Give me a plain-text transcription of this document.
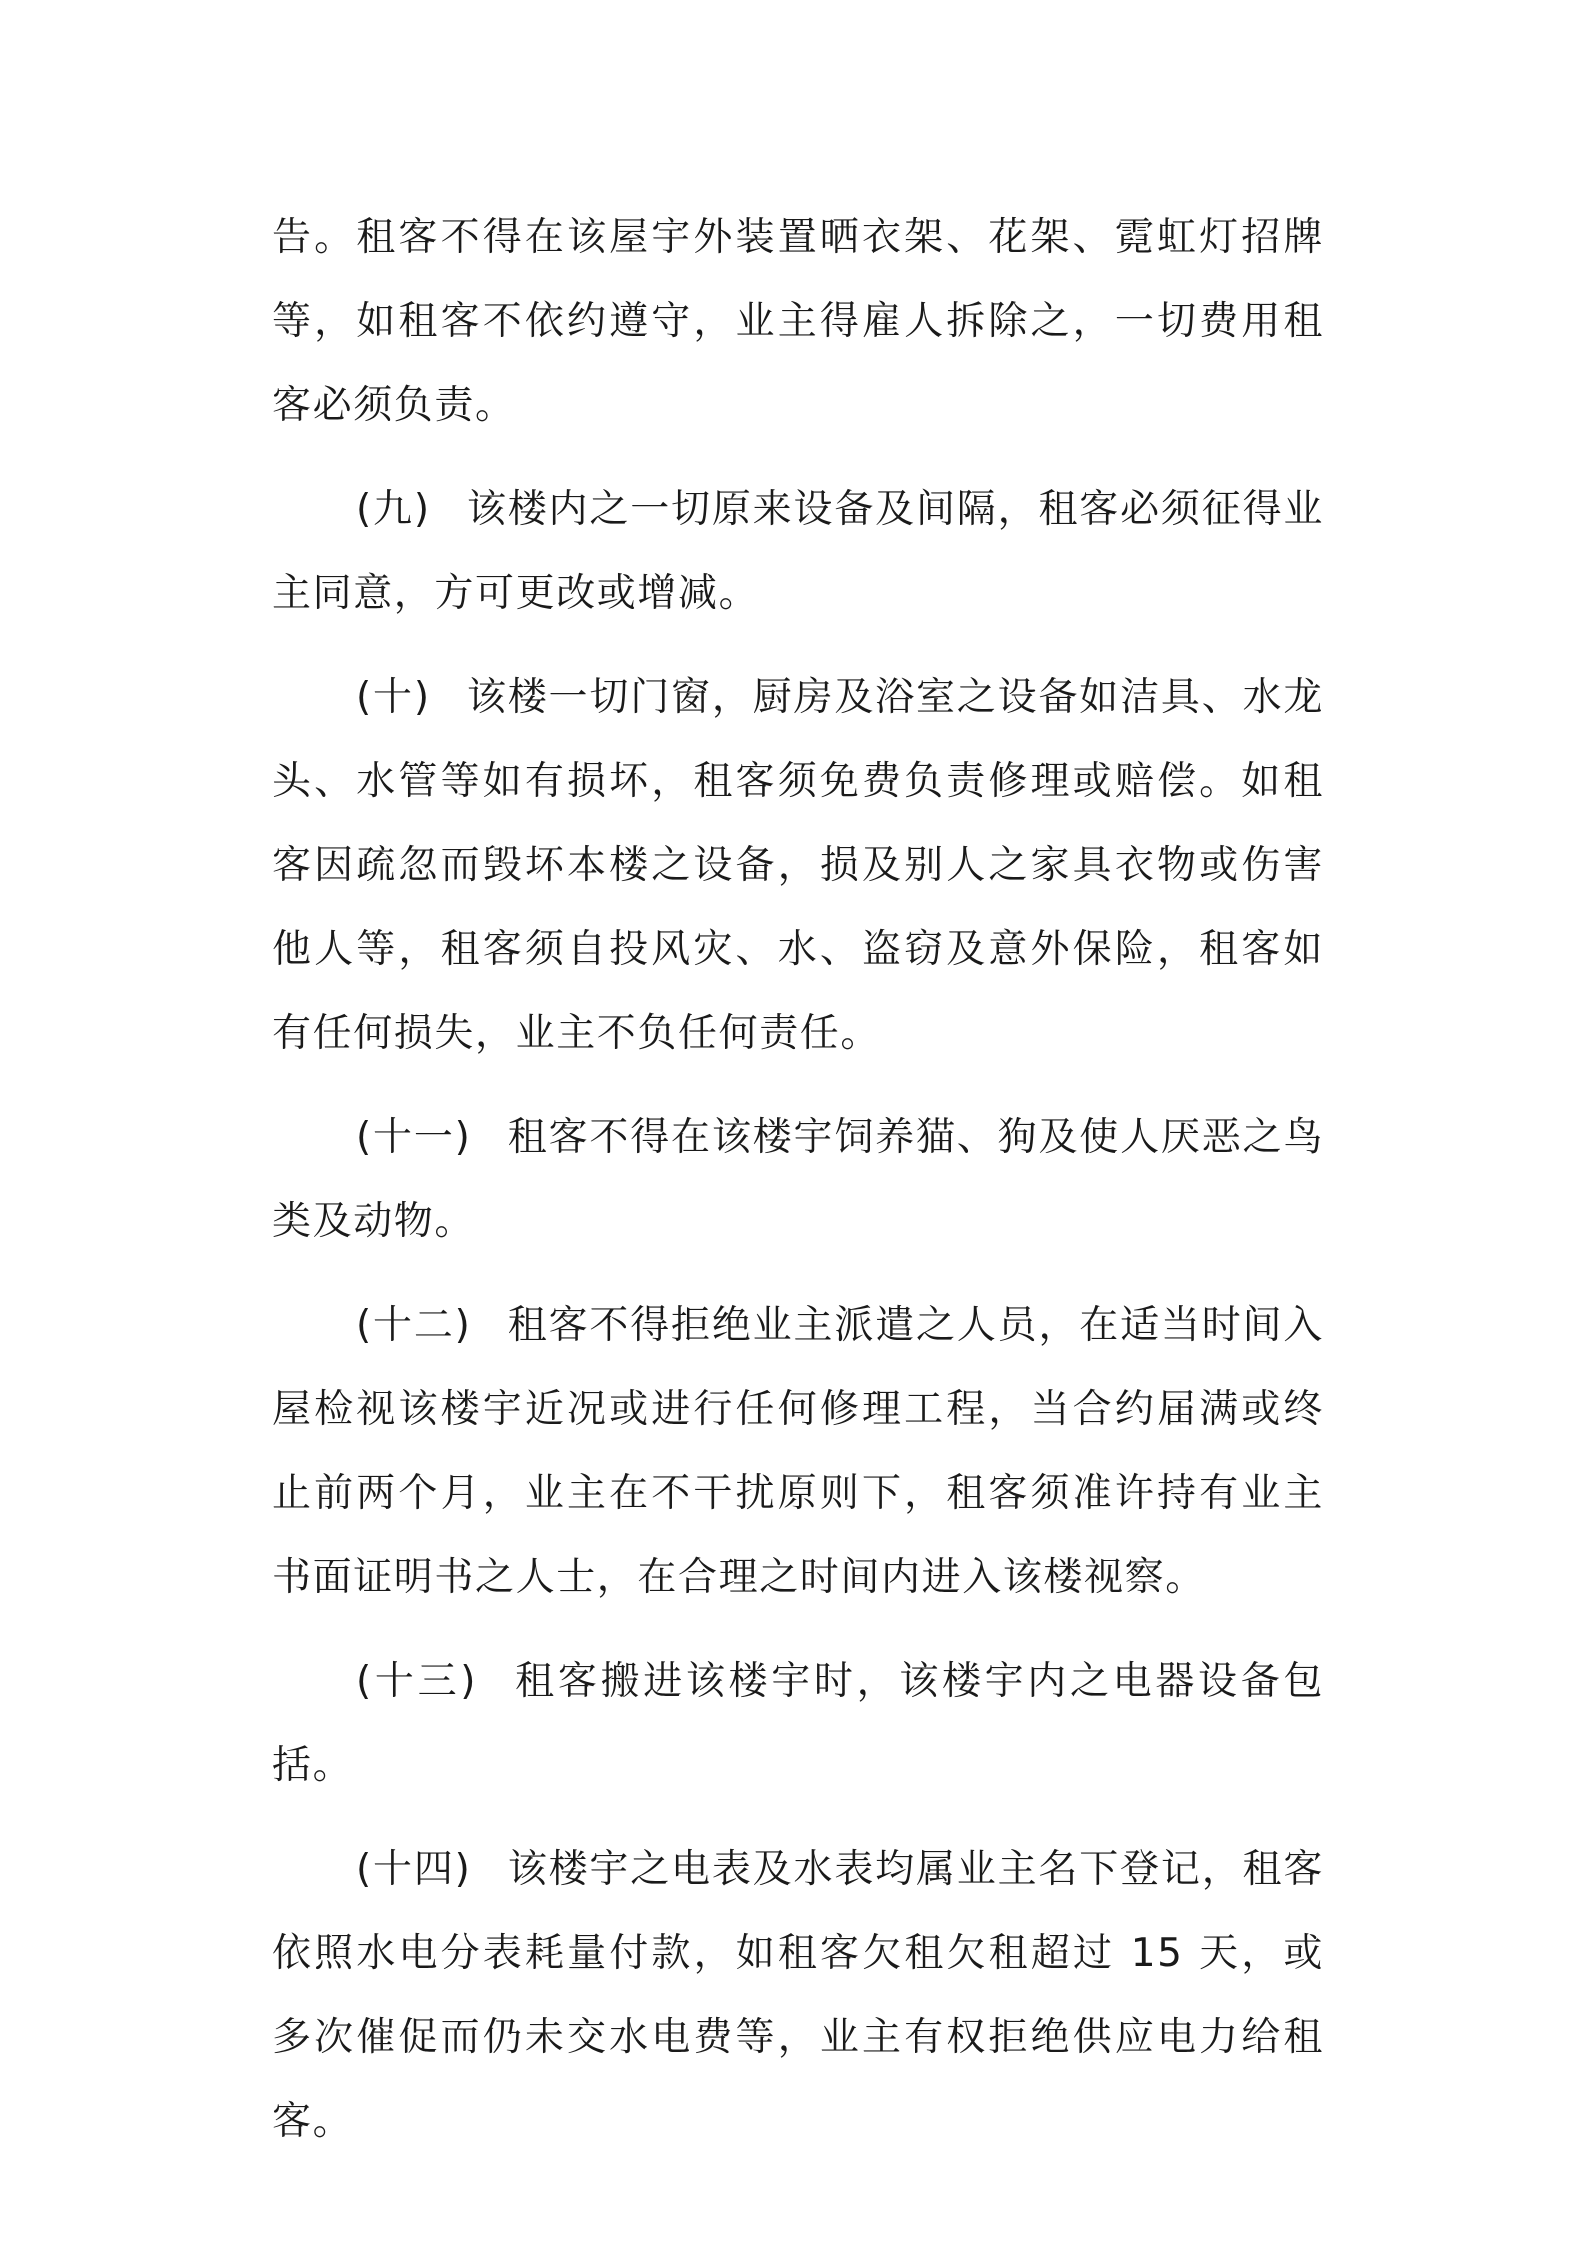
告。租客不得在该屋宇外装置晒衣架、花架、霓虹灯招牌等，如租客不依约遵守，业主得雇人拆除之，一切费用租客必须负责。

(九) 该楼内之一切原来设备及间隔，租客必须征得业主同意，方可更改或增减。

(十) 该楼一切门窗，厨房及浴室之设备如洁具、水龙头、水管等如有损坏，租客须免费负责修理或赔偿。如租客因疏忽而毁坏本楼之设备，损及别人之家具衣物或伤害他人等，租客须自投风灾、水、盗窃及意外保险，租客如有任何损失，业主不负任何责任。

(十一) 租客不得在该楼宇饲养猫、狗及使人厌恶之鸟类及动物。

(十二) 租客不得拒绝业主派遣之人员，在适当时间入屋检视该楼宇近况或进行任何修理工程，当合约届满或终止前两个月，业主在不干扰原则下，租客须准许持有业主书面证明书之人士，在合理之时间内进入该楼视察。

(十三) 租客搬进该楼宇时，该楼宇内之电器设备包括。

(十四) 该楼宇之电表及水表均属业主名下登记，租客依照水电分表耗量付款，如租客欠租欠租超过 15 天，或多次催促而仍未交水电费等，业主有权拒绝供应电力给租客。
